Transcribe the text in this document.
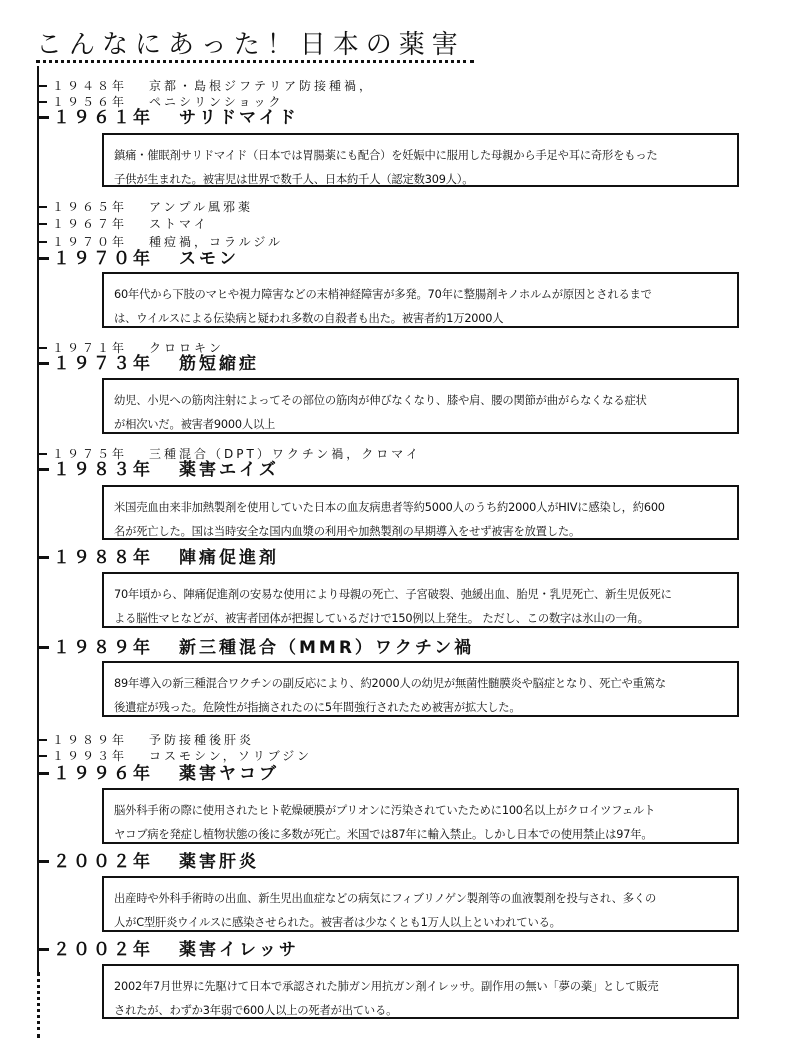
こんなにあった！日本の薬害
１９４８年 京都・島根ジフテリア防接種禍，
１９５６年 ペニシリンショック
１９６１年 サリドマイド
鎮痛・催眠剤サリドマイド（日本では胃腸薬にも配合）を妊娠中に服用した母親から手足や耳に奇形をもった
子供が生まれた。被害児は世界で数千人、日本約千人（認定数309人）。
１９６５年 アンプル風邪薬
１９６７年 ストマイ
１９７０年 種痘禍，コラルジル
１９７０年 スモン
60年代から下肢のマヒや視力障害などの末梢神経障害が多発。70年に整腸剤キノホルムが原因とされるまで
は、ウイルスによる伝染病と疑われ多数の自殺者も出た。被害者約1万2000人
１９７１年 クロロキン
１９７３年 筋短縮症
幼児、小児への筋肉注射によってその部位の筋肉が伸びなくなり、膝や肩、腰の関節が曲がらなくなる症状
が相次いだ。被害者9000人以上
１９７５年 三種混合（DPT）ワクチン禍，クロマイ
１９８３年 薬害エイズ
米国売血由来非加熱製剤を使用していた日本の血友病患者等約5000人のうち約2000人がHIVに感染し，約600
名が死亡した。国は当時安全な国内血漿の利用や加熱製剤の早期導入をせず被害を放置した。
１９８８年 陣痛促進剤
70年頃から、陣痛促進剤の安易な使用により母親の死亡、子宮破裂、弛緩出血、胎児・乳児死亡、新生児仮死に
よる脳性マヒなどが、被害者団体が把握しているだけで150例以上発生。 ただし、この数字は氷山の一角。
１９８９年 新三種混合（MMR）ワクチン禍
89年導入の新三種混合ワクチンの副反応により、約2000人の幼児が無菌性髄膜炎や脳症となり、死亡や重篤な
後遺症が残った。危険性が指摘されたのに5年間強行されたため被害が拡大した。
１９８９年 予防接種後肝炎
１９９３年 コスモシン，ソリブジン
１９９６年 薬害ヤコブ
脳外科手術の際に使用されたヒト乾燥硬膜がプリオンに汚染されていたために100名以上がクロイツフェルト
ヤコブ病を発症し植物状態の後に多数が死亡。米国では87年に輸入禁止。しかし日本での使用禁止は97年。
２００２年 薬害肝炎
出産時や外科手術時の出血、新生児出血症などの病気にフィブリノゲン製剤等の血液製剤を投与され、多くの
人がC型肝炎ウイルスに感染させられた。被害者は少なくとも1万人以上といわれている。
２００２年 薬害イレッサ
2002年7月世界に先駆けて日本で承認された肺ガン用抗ガン剤イレッサ。副作用の無い「夢の薬」として販売
されたが、わずか3年弱で600人以上の死者が出ている。
